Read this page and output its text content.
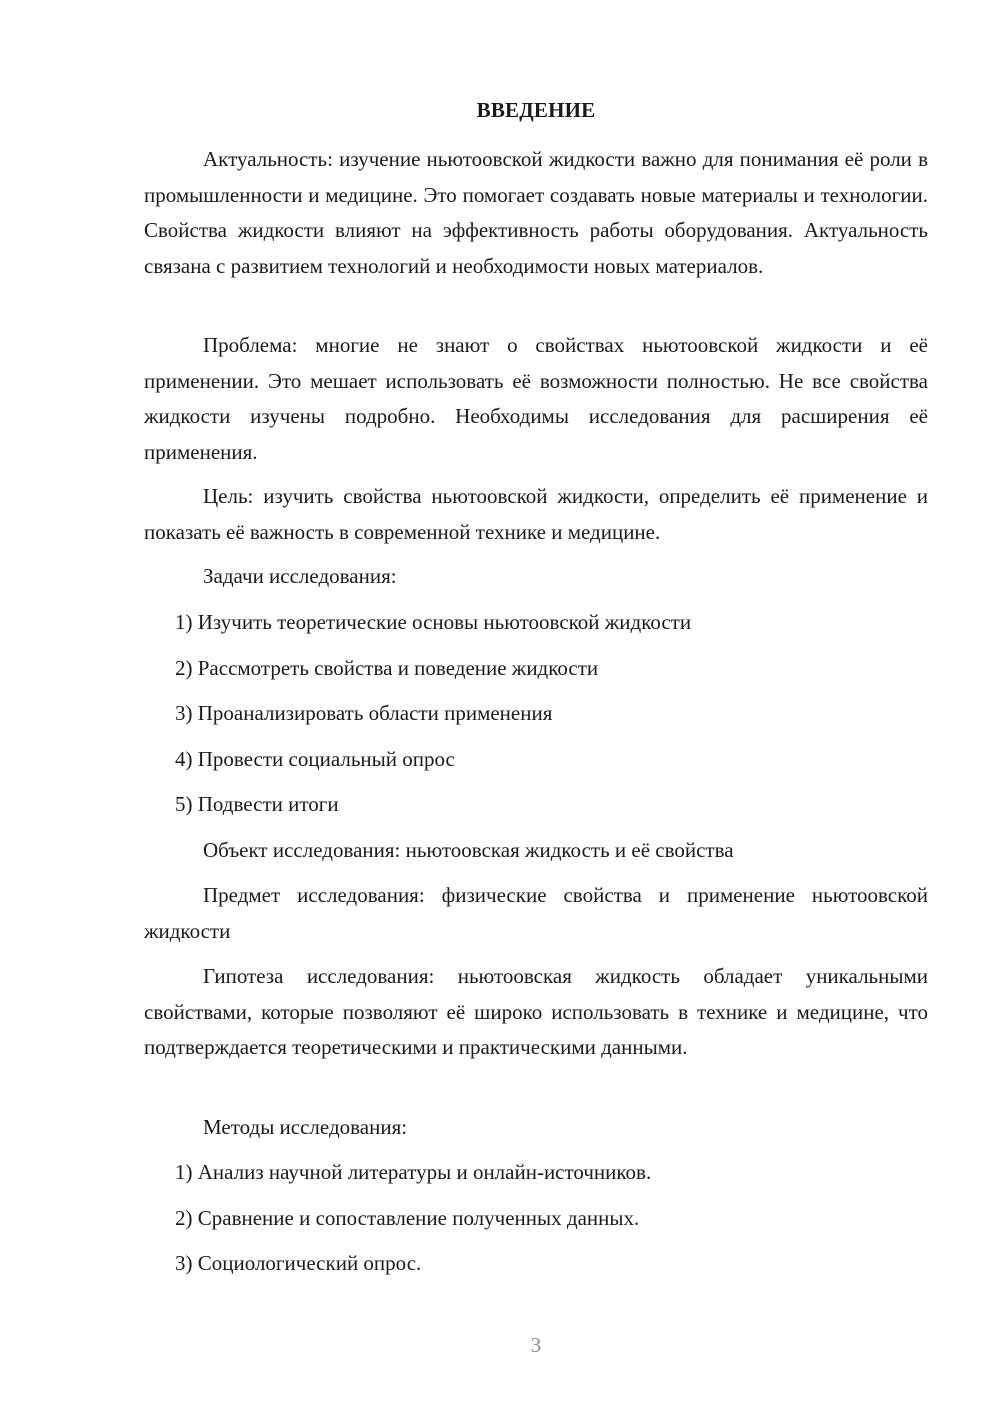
ВВЕДЕНИЕ

Актуальность: изучение ньютоовской жидкости важно для понимания её роли в промышленности и медицине. Это помогает создавать новые материалы и технологии. Свойства жидкости влияют на эффективность работы оборудования. Актуальность связана с развитием технологий и необходимости новых материалов.

Проблема: многие не знают о свойствах ньютоовской жидкости и её применении. Это мешает использовать её возможности полностью. Не все свойства жидкости изучены подробно. Необходимы исследования для расширения её применения.

Цель: изучить свойства ньютоовской жидкости, определить её применение и показать её важность в современной технике и медицине.

Задачи исследования:

1) Изучить теоретические основы ньютоовской жидкости

2) Рассмотреть свойства и поведение жидкости

3) Проанализировать области применения

4) Провести социальный опрос

5) Подвести итоги

Объект исследования: ньютоовская жидкость и её свойства

Предмет исследования: физические свойства и применение ньютоовской жидкости

Гипотеза исследования: ньютоовская жидкость обладает уникальными свойствами, которые позволяют её широко использовать в технике и медицине, что подтверждается теоретическими и практическими данными.

Методы исследования:

1) Анализ научной литературы и онлайн-источников.

2) Сравнение и сопоставление полученных данных.

3) Социологический опрос.

3
